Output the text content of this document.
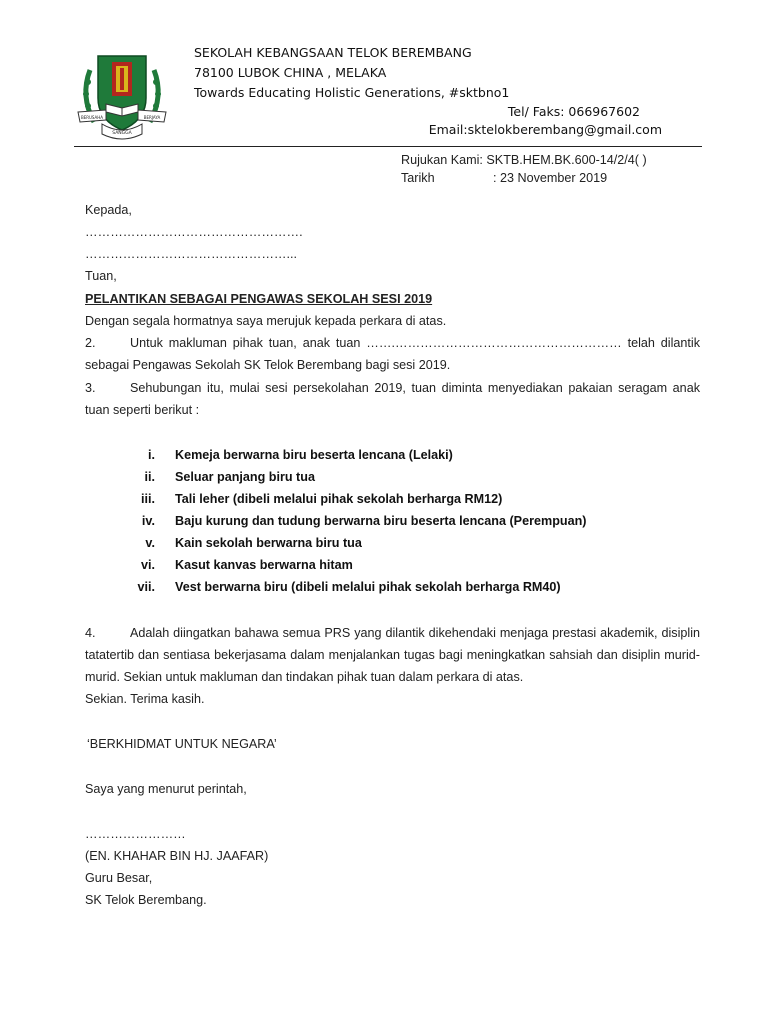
BERUSAHA	BERJAYA
SANGGA
SEKOLAH KEBANGSAAN TELOK BEREMBANG
78100 LUBOK CHINA , MELAKA
Towards Educating Holistic Generations, #sktbno1
Tel/ Faks: 066967602
Email:sktelokberembang@gmail.com
Rujukan Kami: SKTB.HEM.BK.600-14/2/4( )
Tarikh	: 23 November 2019
Kepada,
…………………………………………….
…………………………………………...
Tuan,
PELANTIKAN SEBAGAI PENGAWAS SEKOLAH SESI 2019
Dengan segala hormatnya saya merujuk kepada perkara di atas.
2.	Untuk makluman pihak tuan, anak tuan …….……………………………………………… telah dilantik
sebagai Pengawas Sekolah SK Telok Berembang bagi sesi 2019.
3.	Sehubungan itu, mulai sesi persekolahan 2019, tuan diminta menyediakan pakaian seragam anak
tuan seperti berikut :
i. Kemeja berwarna biru beserta lencana (Lelaki)
ii. Seluar panjang biru tua
iii. Tali leher (dibeli melalui pihak sekolah berharga RM12)
iv. Baju kurung dan tudung berwarna biru beserta lencana (Perempuan)
v. Kain sekolah berwarna biru tua
vi. Kasut kanvas berwarna hitam
vii. Vest berwarna biru (dibeli melalui pihak sekolah berharga RM40)
4.	Adalah diingatkan bahawa semua PRS yang dilantik dikehendaki menjaga prestasi akademik, disiplin
tatatertib dan sentiasa bekerjasama dalam menjalankan tugas bagi meningkatkan sahsiah dan disiplin murid-
murid. Sekian untuk makluman dan tindakan pihak tuan dalam perkara di atas.
Sekian. Terima kasih.
‘BERKHIDMAT UNTUK NEGARA’
Saya yang menurut perintah,
……………………
(EN. KHAHAR BIN HJ. JAAFAR)
Guru Besar,
SK Telok Berembang.
